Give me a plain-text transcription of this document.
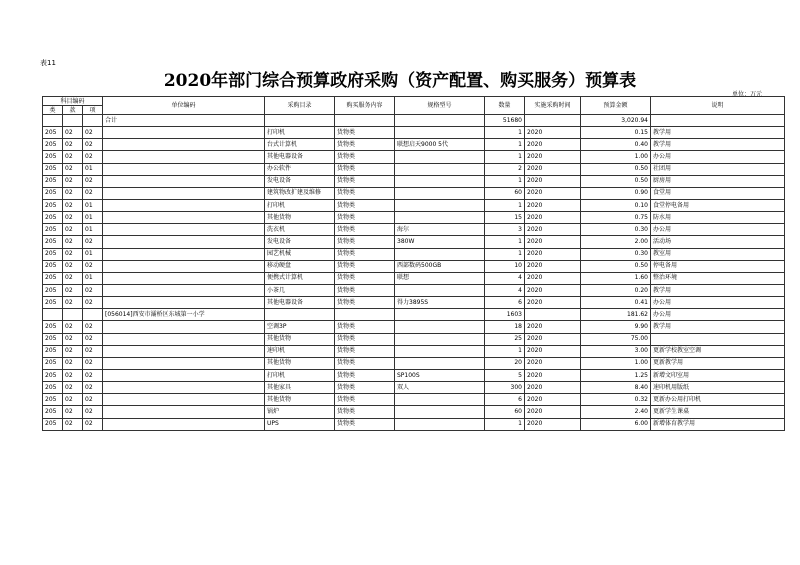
表11
2020年部门综合预算政府采购（资产配置、购买服务）预算表
单位：万元
科目编码			单位编码	采购目录	购买服务内容	规格型号	数量	实施采购时间	预算金额	说明
类	款	项								
			合计				51680		3,020.94	
205	02	02		打印机	货物类		1	2020	0.15	教学用
205	02	02		台式计算机	货物类	联想启天9000 5代	1	2020	0.40	教学用
205	02	02		其他电器设备	货物类		1	2020	1.00	办公用
205	02	01		办公软件	货物类		2	2020	0.50	社团用
205	02	02		发电设备	货物类		1	2020	0.50	厨房用
205	02	02		建筑物改扩建及维修	货物类		60	2020	0.90	食堂用
205	02	01		打印机	货物类		1	2020	0.10	食堂停电备用
205	02	01		其他货物	货物类		15	2020	0.75	防水用
205	02	01		洗衣机	货物类	海尔	3	2020	0.30	办公用
205	02	02		发电设备	货物类	380W	1	2020	2.00	活动场
205	02	01		园艺机械	货物类		1	2020	0.30	教室用
205	02	02		移动硬盘	货物类	西部数码500GB	10	2020	0.50	停电备用
205	02	01		便携式计算机	货物类	联想	4	2020	1.60	整治环境
205	02	02		小茶几	货物类		4	2020	0.20	教学用
205	02	02		其他电器设备	货物类	得力3895S	6	2020	0.41	办公用
			[056014]西安市灞桥区东城第一小学				1603		181.62	办公用
205	02	02		空调3P	货物类		18	2020	9.90	教学用
205	02	02		其他货物	货物类		25	2020	75.00	
205	02	02		速印机	货物类		1	2020	3.00	更新学校教室空调
205	02	02		其他货物	货物类		20	2020	1.00	更新教学用
205	02	02		打印机	货物类	SP100S	5	2020	1.25	新增文印室用
205	02	02		其他家具	货物类	双人	300	2020	8.40	速印机用版纸
205	02	02		其他货物	货物类		6	2020	0.32	更新办公用打印机
205	02	02		锅炉	货物类		60	2020	2.40	更新学生课桌
205	02	02		UPS	货物类		1	2020	6.00	新增体育教学用
